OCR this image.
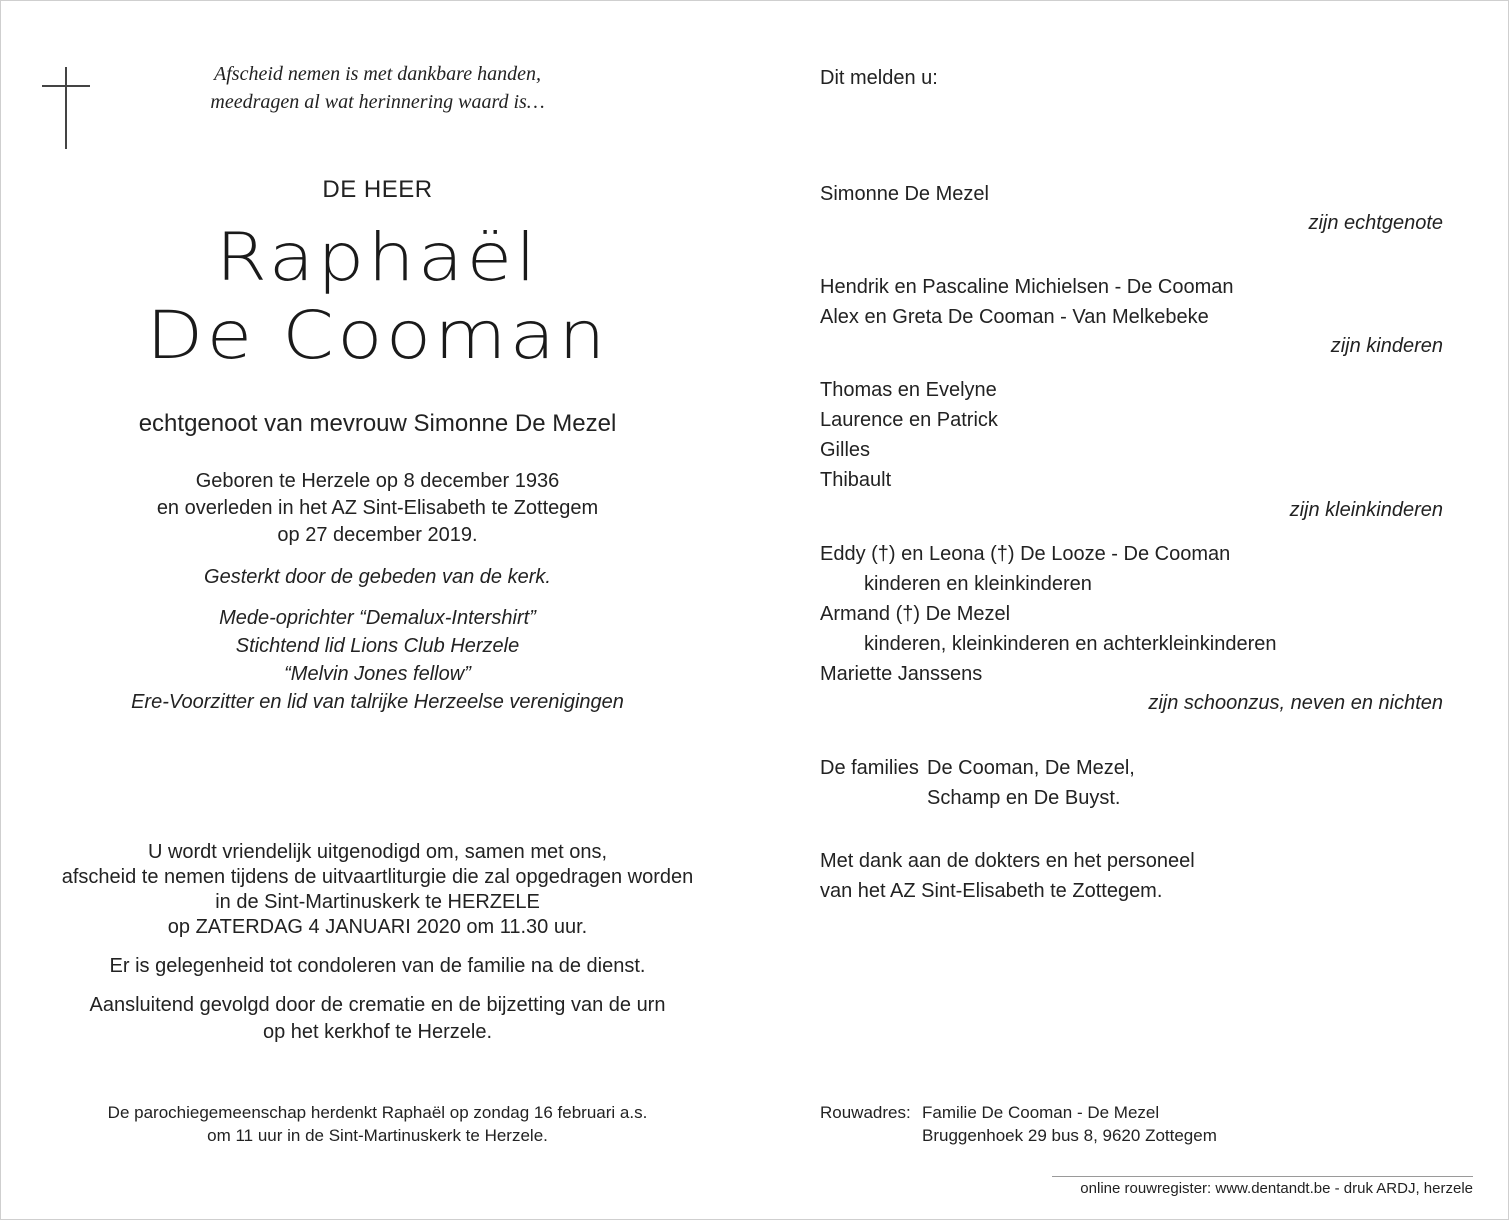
Afscheid nemen is met dankbare handen,
meedragen al wat herinnering waard is…
DE HEER
Raphaël
De Cooman
echtgenoot van mevrouw Simonne De Mezel
Geboren te Herzele op 8 december 1936
en overleden in het AZ Sint-Elisabeth te Zottegem
op 27 december 2019.
Gesterkt door de gebeden van de kerk.
Mede-oprichter “Demalux-Intershirt”
Stichtend lid Lions Club Herzele
“Melvin Jones fellow”
Ere-Voorzitter en lid van talrijke Herzeelse verenigingen
U wordt vriendelijk uitgenodigd om, samen met ons,
afscheid te nemen tijdens de uitvaartliturgie die zal opgedragen worden
in de Sint-Martinuskerk te HERZELE
op ZATERDAG 4 JANUARI 2020 om 11.30 uur.
Er is gelegenheid tot condoleren van de familie na de dienst.
Aansluitend gevolgd door de crematie en de bijzetting van de urn
op het kerkhof te Herzele.
De parochiegemeenschap herdenkt Raphaël op zondag 16 februari a.s.
om 11 uur in de Sint-Martinuskerk te Herzele.
Dit melden u:
Simonne De Mezel
zijn echtgenote
Hendrik en Pascaline Michielsen - De Cooman
Alex en Greta De Cooman - Van Melkebeke
zijn kinderen
Thomas en Evelyne
Laurence en Patrick
Gilles
Thibault
zijn kleinkinderen
Eddy (†) en Leona (†) De Looze - De Cooman
kinderen en kleinkinderen
Armand (†) De Mezel
kinderen, kleinkinderen en achterkleinkinderen
Mariette Janssens
zijn schoonzus, neven en nichten
De families De Cooman, De Mezel,
Schamp en De Buyst.
Met dank aan de dokters en het personeel
van het AZ Sint-Elisabeth te Zottegem.
Rouwadres: Familie De Cooman - De Mezel
Bruggenhoek 29 bus 8, 9620 Zottegem
online rouwregister: www.dentandt.be - druk ARDJ, herzele
